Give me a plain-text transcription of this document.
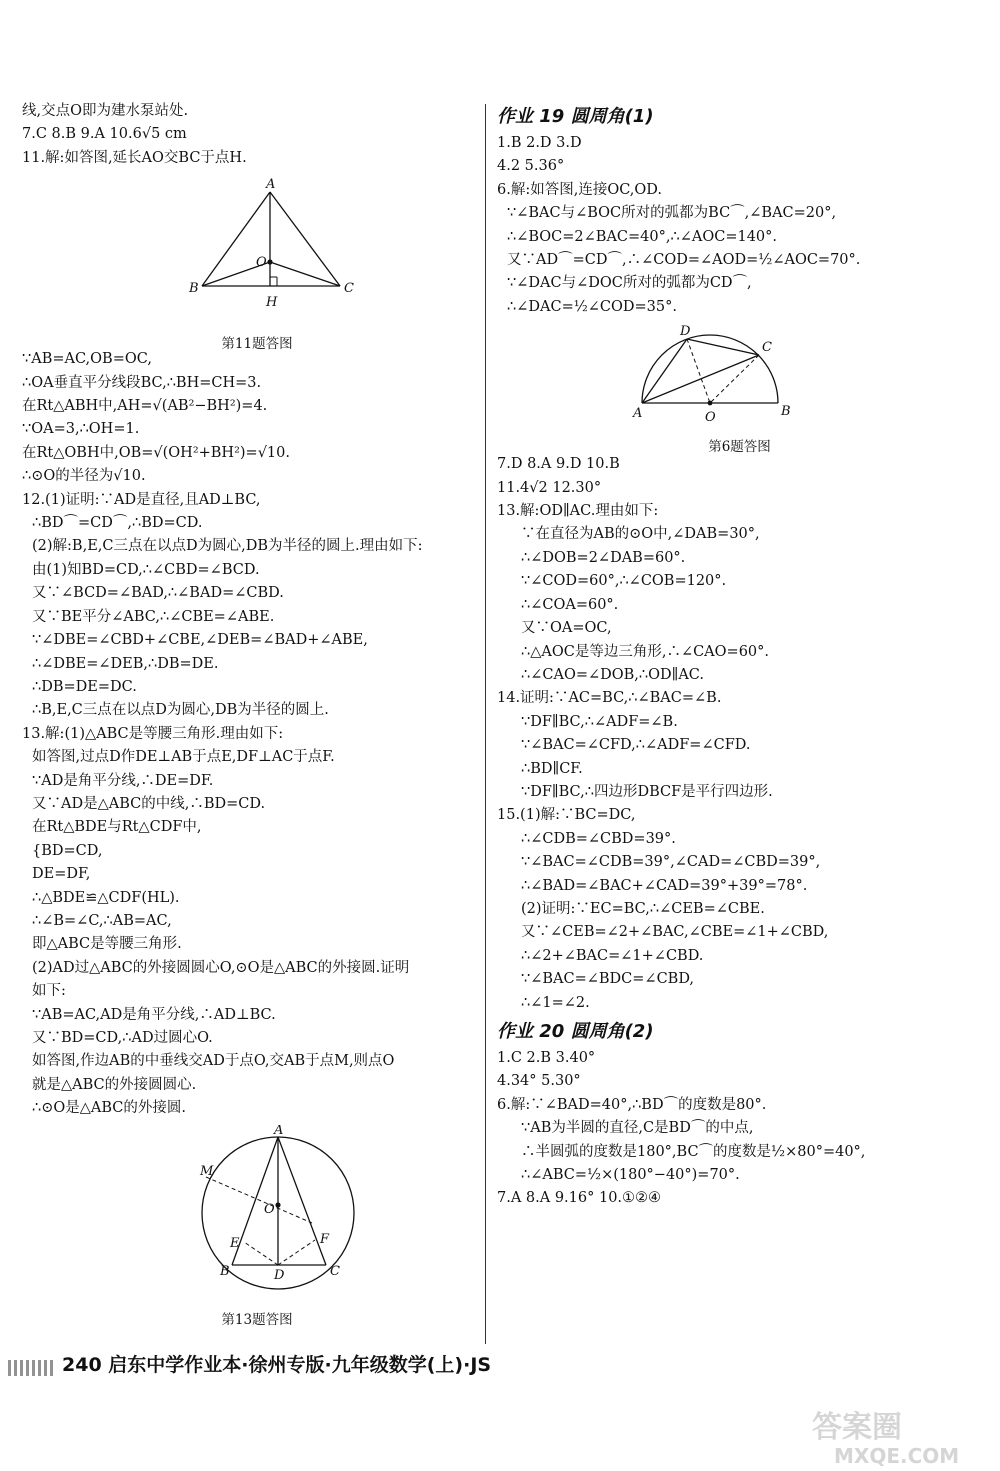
线,交点O即为建水泵站处.
7.C 8.B 9.A 10.6√5 cm
11.解:如答图,延长AO交BC于点H.
A
B	C
O
H
第11题答图
∵AB=AC,OB=OC,
∴OA垂直平分线段BC,∴BH=CH=3.
在Rt△ABH中,AH=√(AB²−BH²)=4.
∵OA=3,∴OH=1.
在Rt△OBH中,OB=√(OH²+BH²)=√10.
∴⊙O的半径为√10.
12.(1)证明:∵AD是直径,且AD⊥BC,
∴BD⌒=CD⌒,∴BD=CD.
(2)解:B,E,C三点在以点D为圆心,DB为半径的圆上.理由如下:
由(1)知BD=CD,∴∠CBD=∠BCD.
又∵∠BCD=∠BAD,∴∠BAD=∠CBD.
又∵BE平分∠ABC,∴∠CBE=∠ABE.
∵∠DBE=∠CBD+∠CBE,∠DEB=∠BAD+∠ABE,
∴∠DBE=∠DEB,∴DB=DE.
∴DB=DE=DC.
∴B,E,C三点在以点D为圆心,DB为半径的圆上.
13.解:(1)△ABC是等腰三角形.理由如下:
如答图,过点D作DE⊥AB于点E,DF⊥AC于点F.
∵AD是角平分线,∴DE=DF.
又∵AD是△ABC的中线,∴BD=CD.
在Rt△BDE与Rt△CDF中,
{BD=CD,
DE=DF,
∴△BDE≌△CDF(HL).
∴∠B=∠C,∴AB=AC,
即△ABC是等腰三角形.
(2)AD过△ABC的外接圆圆心O,⊙O是△ABC的外接圆.证明
如下:
∵AB=AC,AD是角平分线,∴AD⊥BC.
又∵BD=CD,∴AD过圆心O.
如答图,作边AB的中垂线交AD于点O,交AB于点M,则点O
就是△ABC的外接圆圆心.
∴⊙O是△ABC的外接圆.
A
M
O
E	F
B	D	C
第13题答图
作业 19 圆周角(1)
1.B 2.D 3.D
4.2 5.36°
6.解:如答图,连接OC,OD.
∵∠BAC与∠BOC所对的弧都为BC⌒,∠BAC=20°,
∴∠BOC=2∠BAC=40°,∴∠AOC=140°.
又∵AD⌒=CD⌒,∴∠COD=∠AOD=½∠AOC=70°.
∵∠DAC与∠DOC所对的弧都为CD⌒,
∴∠DAC=½∠COD=35°.
D
C
A	O	B
第6题答图
7.D 8.A 9.D 10.B
11.4√2 12.30°
13.解:OD∥AC.理由如下:
∵在直径为AB的⊙O中,∠DAB=30°,
∴∠DOB=2∠DAB=60°.
∵∠COD=60°,∴∠COB=120°.
∴∠COA=60°.
又∵OA=OC,
∴△AOC是等边三角形,∴∠CAO=60°.
∴∠CAO=∠DOB,∴OD∥AC.
14.证明:∵AC=BC,∴∠BAC=∠B.
∵DF∥BC,∴∠ADF=∠B.
∵∠BAC=∠CFD,∴∠ADF=∠CFD.
∴BD∥CF.
∵DF∥BC,∴四边形DBCF是平行四边形.
15.(1)解:∵BC=DC,
∴∠CDB=∠CBD=39°.
∵∠BAC=∠CDB=39°,∠CAD=∠CBD=39°,
∴∠BAD=∠BAC+∠CAD=39°+39°=78°.
(2)证明:∵EC=BC,∴∠CEB=∠CBE.
又∵∠CEB=∠2+∠BAC,∠CBE=∠1+∠CBD,
∴∠2+∠BAC=∠1+∠CBD.
∵∠BAC=∠BDC=∠CBD,
∴∠1=∠2.
作业 20 圆周角(2)
1.C 2.B 3.40°
4.34° 5.30°
6.解:∵∠BAD=40°,∴BD⌒的度数是80°.
∵AB为半圆的直径,C是BD⌒的中点,
∴半圆弧的度数是180°,BC⌒的度数是½×80°=40°,
∴∠ABC=½×(180°−40°)=70°.
7.A 8.A 9.16° 10.①②④
240 启东中学作业本·徐州专版·九年级数学(上)·JS
答案圈
MXQE.COM
